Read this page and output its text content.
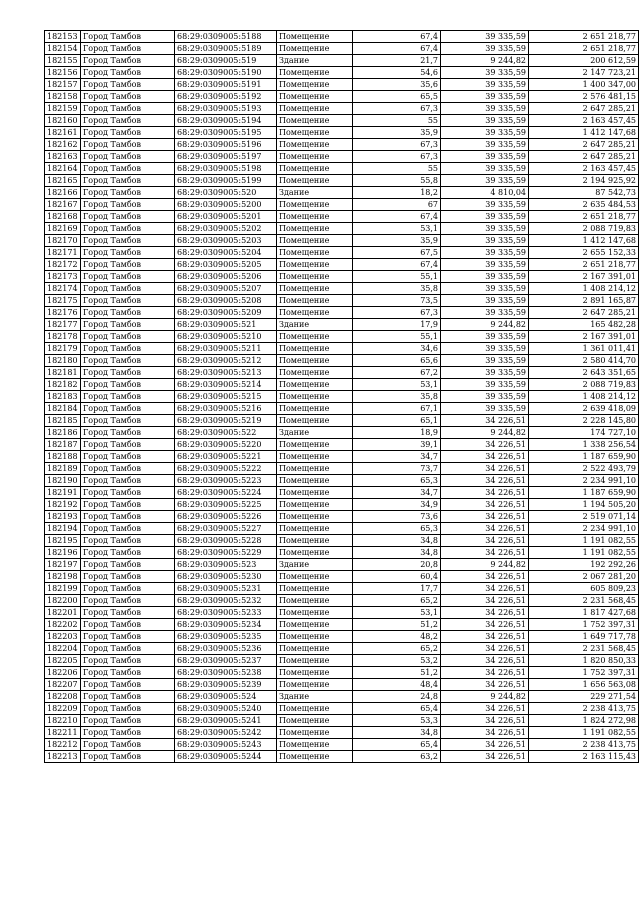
182153	Город Тамбов	68:29:0309005:5188	Помещение	67,4	39 335,59	2 651 218,77
182154	Город Тамбов	68:29:0309005:5189	Помещение	67,4	39 335,59	2 651 218,77
182155	Город Тамбов	68:29:0309005:519	Здание	21,7	9 244,82	200 612,59
182156	Город Тамбов	68:29:0309005:5190	Помещение	54,6	39 335,59	2 147 723,21
182157	Город Тамбов	68:29:0309005:5191	Помещение	35,6	39 335,59	1 400 347,00
182158	Город Тамбов	68:29:0309005:5192	Помещение	65,5	39 335,59	2 576 481,15
182159	Город Тамбов	68:29:0309005:5193	Помещение	67,3	39 335,59	2 647 285,21
182160	Город Тамбов	68:29:0309005:5194	Помещение	55	39 335,59	2 163 457,45
182161	Город Тамбов	68:29:0309005:5195	Помещение	35,9	39 335,59	1 412 147,68
182162	Город Тамбов	68:29:0309005:5196	Помещение	67,3	39 335,59	2 647 285,21
182163	Город Тамбов	68:29:0309005:5197	Помещение	67,3	39 335,59	2 647 285,21
182164	Город Тамбов	68:29:0309005:5198	Помещение	55	39 335,59	2 163 457,45
182165	Город Тамбов	68:29:0309005:5199	Помещение	55,8	39 335,59	2 194 925,92
182166	Город Тамбов	68:29:0309005:520	Здание	18,2	4 810,04	87 542,73
182167	Город Тамбов	68:29:0309005:5200	Помещение	67	39 335,59	2 635 484,53
182168	Город Тамбов	68:29:0309005:5201	Помещение	67,4	39 335,59	2 651 218,77
182169	Город Тамбов	68:29:0309005:5202	Помещение	53,1	39 335,59	2 088 719,83
182170	Город Тамбов	68:29:0309005:5203	Помещение	35,9	39 335,59	1 412 147,68
182171	Город Тамбов	68:29:0309005:5204	Помещение	67,5	39 335,59	2 655 152,33
182172	Город Тамбов	68:29:0309005:5205	Помещение	67,4	39 335,59	2 651 218,77
182173	Город Тамбов	68:29:0309005:5206	Помещение	55,1	39 335,59	2 167 391,01
182174	Город Тамбов	68:29:0309005:5207	Помещение	35,8	39 335,59	1 408 214,12
182175	Город Тамбов	68:29:0309005:5208	Помещение	73,5	39 335,59	2 891 165,87
182176	Город Тамбов	68:29:0309005:5209	Помещение	67,3	39 335,59	2 647 285,21
182177	Город Тамбов	68:29:0309005:521	Здание	17,9	9 244,82	165 482,28
182178	Город Тамбов	68:29:0309005:5210	Помещение	55,1	39 335,59	2 167 391,01
182179	Город Тамбов	68:29:0309005:5211	Помещение	34,6	39 335,59	1 361 011,41
182180	Город Тамбов	68:29:0309005:5212	Помещение	65,6	39 335,59	2 580 414,70
182181	Город Тамбов	68:29:0309005:5213	Помещение	67,2	39 335,59	2 643 351,65
182182	Город Тамбов	68:29:0309005:5214	Помещение	53,1	39 335,59	2 088 719,83
182183	Город Тамбов	68:29:0309005:5215	Помещение	35,8	39 335,59	1 408 214,12
182184	Город Тамбов	68:29:0309005:5216	Помещение	67,1	39 335,59	2 639 418,09
182185	Город Тамбов	68:29:0309005:5219	Помещение	65,1	34 226,51	2 228 145,80
182186	Город Тамбов	68:29:0309005:522	Здание	18,9	9 244,82	174 727,10
182187	Город Тамбов	68:29:0309005:5220	Помещение	39,1	34 226,51	1 338 256,54
182188	Город Тамбов	68:29:0309005:5221	Помещение	34,7	34 226,51	1 187 659,90
182189	Город Тамбов	68:29:0309005:5222	Помещение	73,7	34 226,51	2 522 493,79
182190	Город Тамбов	68:29:0309005:5223	Помещение	65,3	34 226,51	2 234 991,10
182191	Город Тамбов	68:29:0309005:5224	Помещение	34,7	34 226,51	1 187 659,90
182192	Город Тамбов	68:29:0309005:5225	Помещение	34,9	34 226,51	1 194 505,20
182193	Город Тамбов	68:29:0309005:5226	Помещение	73,6	34 226,51	2 519 071,14
182194	Город Тамбов	68:29:0309005:5227	Помещение	65,3	34 226,51	2 234 991,10
182195	Город Тамбов	68:29:0309005:5228	Помещение	34,8	34 226,51	1 191 082,55
182196	Город Тамбов	68:29:0309005:5229	Помещение	34,8	34 226,51	1 191 082,55
182197	Город Тамбов	68:29:0309005:523	Здание	20,8	9 244,82	192 292,26
182198	Город Тамбов	68:29:0309005:5230	Помещение	60,4	34 226,51	2 067 281,20
182199	Город Тамбов	68:29:0309005:5231	Помещение	17,7	34 226,51	605 809,23
182200	Город Тамбов	68:29:0309005:5232	Помещение	65,2	34 226,51	2 231 568,45
182201	Город Тамбов	68:29:0309005:5233	Помещение	53,1	34 226,51	1 817 427,68
182202	Город Тамбов	68:29:0309005:5234	Помещение	51,2	34 226,51	1 752 397,31
182203	Город Тамбов	68:29:0309005:5235	Помещение	48,2	34 226,51	1 649 717,78
182204	Город Тамбов	68:29:0309005:5236	Помещение	65,2	34 226,51	2 231 568,45
182205	Город Тамбов	68:29:0309005:5237	Помещение	53,2	34 226,51	1 820 850,33
182206	Город Тамбов	68:29:0309005:5238	Помещение	51,2	34 226,51	1 752 397,31
182207	Город Тамбов	68:29:0309005:5239	Помещение	48,4	34 226,51	1 656 563,08
182208	Город Тамбов	68:29:0309005:524	Здание	24,8	9 244,82	229 271,54
182209	Город Тамбов	68:29:0309005:5240	Помещение	65,4	34 226,51	2 238 413,75
182210	Город Тамбов	68:29:0309005:5241	Помещение	53,3	34 226,51	1 824 272,98
182211	Город Тамбов	68:29:0309005:5242	Помещение	34,8	34 226,51	1 191 082,55
182212	Город Тамбов	68:29:0309005:5243	Помещение	65,4	34 226,51	2 238 413,75
182213	Город Тамбов	68:29:0309005:5244	Помещение	63,2	34 226,51	2 163 115,43
